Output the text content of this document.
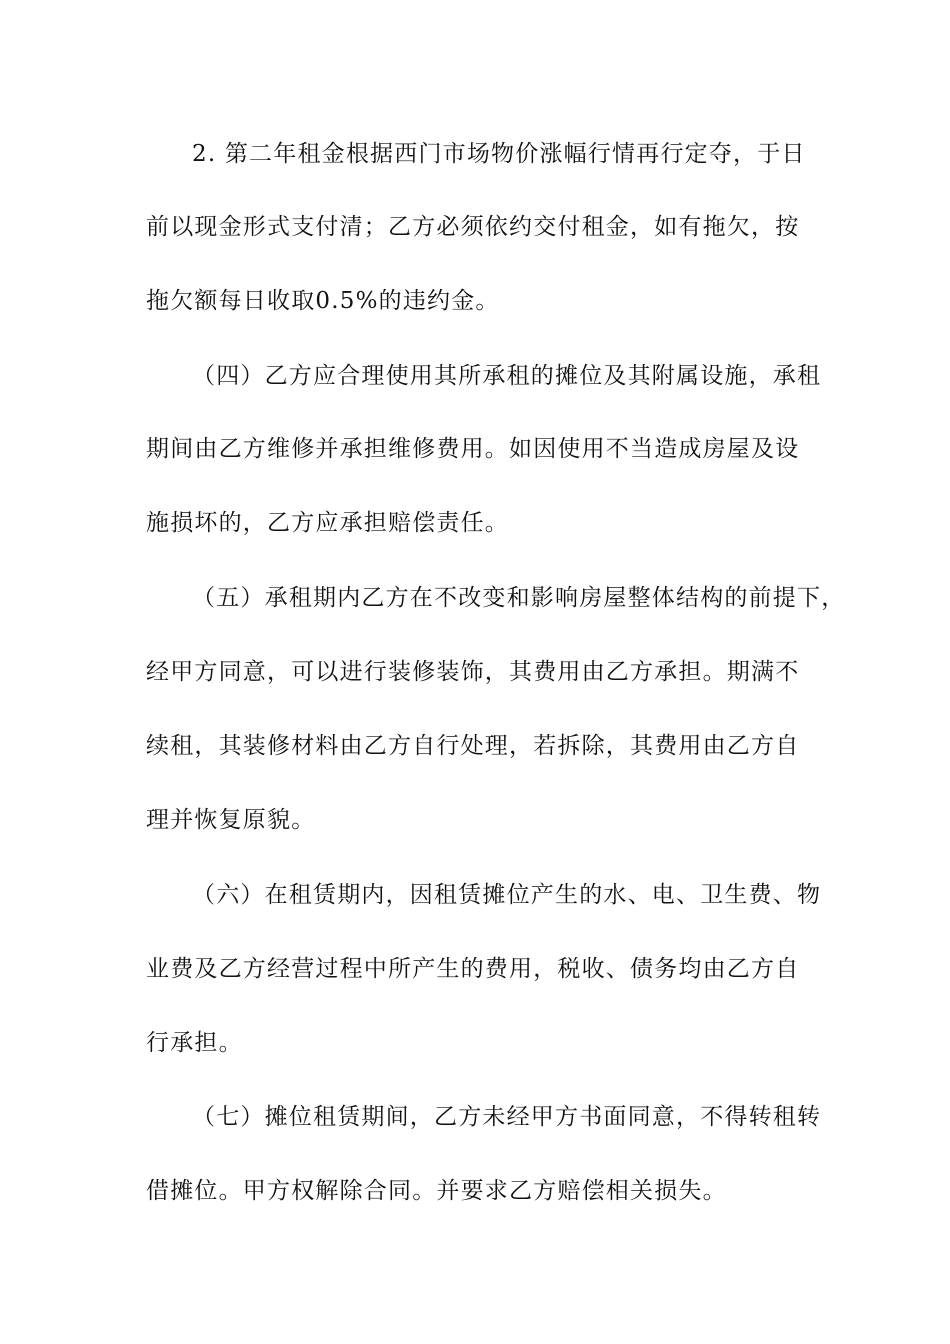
2. 第二年租金根据西门市场物价涨幅行情再行定夺，于日
前以现金形式支付清；乙方必须依约交付租金，如有拖欠，按
拖欠额每日收取0.5%的违约金。
（四）乙方应合理使用其所承租的摊位及其附属设施，承租
期间由乙方维修并承担维修费用。如因使用不当造成房屋及设
施损坏的，乙方应承担赔偿责任。
（五）承租期内乙方在不改变和影响房屋整体结构的前提下，
经甲方同意，可以进行装修装饰，其费用由乙方承担。期满不
续租，其装修材料由乙方自行处理，若拆除，其费用由乙方自
理并恢复原貌。
（六）在租赁期内，因租赁摊位产生的水、电、卫生费、物
业费及乙方经营过程中所产生的费用，税收、债务均由乙方自
行承担。
（七）摊位租赁期间，乙方未经甲方书面同意，不得转租转
借摊位。甲方权解除合同。并要求乙方赔偿相关损失。
